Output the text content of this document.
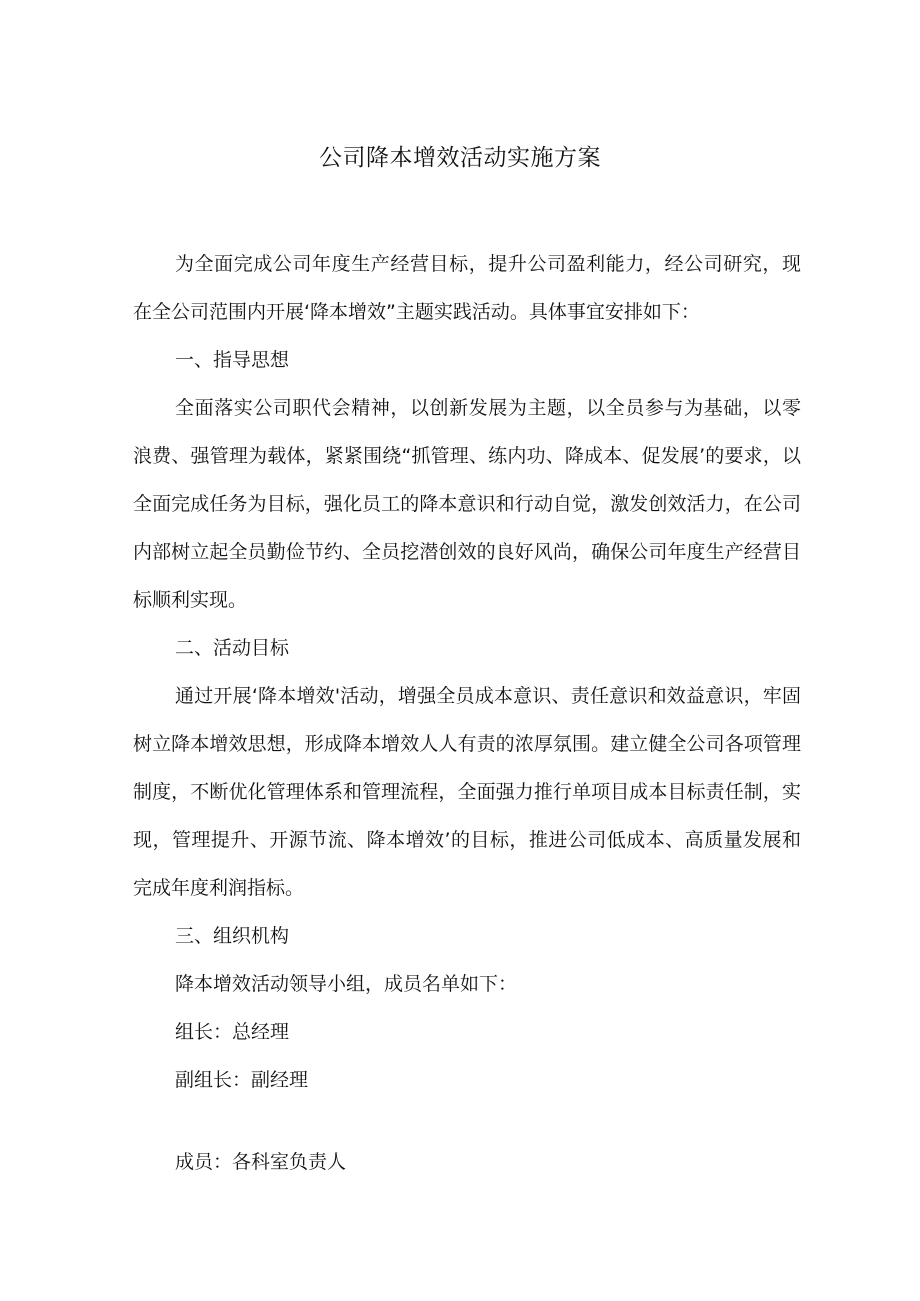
公司降本增效活动实施方案

为全面完成公司年度生产经营目标，提升公司盈利能力，经公司研究，现在全公司范围内开展‘降本增效”主题实践活动。具体事宜安排如下：

一、指导思想

全面落实公司职代会精神，以创新发展为主题，以全员参与为基础，以零浪费、强管理为载体，紧紧围绕“抓管理、练内功、降成本、促发展’的要求，以全面完成任务为目标，强化员工的降本意识和行动自觉，激发创效活力，在公司内部树立起全员勤俭节约、全员挖潜创效的良好风尚，确保公司年度生产经营目标顺利实现。

二、活动目标

通过开展‘降本增效'活动，增强全员成本意识、责任意识和效益意识，牢固树立降本增效思想，形成降本增效人人有责的浓厚氛围。建立健全公司各项管理制度，不断优化管理体系和管理流程，全面强力推行单项目成本目标责任制，实现，管理提升、开源节流、降本增效’的目标，推进公司低成本、高质量发展和完成年度利润指标。

三、组织机构

降本增效活动领导小组，成员名单如下：

组长：总经理

副组长：副经理

成员：各科室负责人
